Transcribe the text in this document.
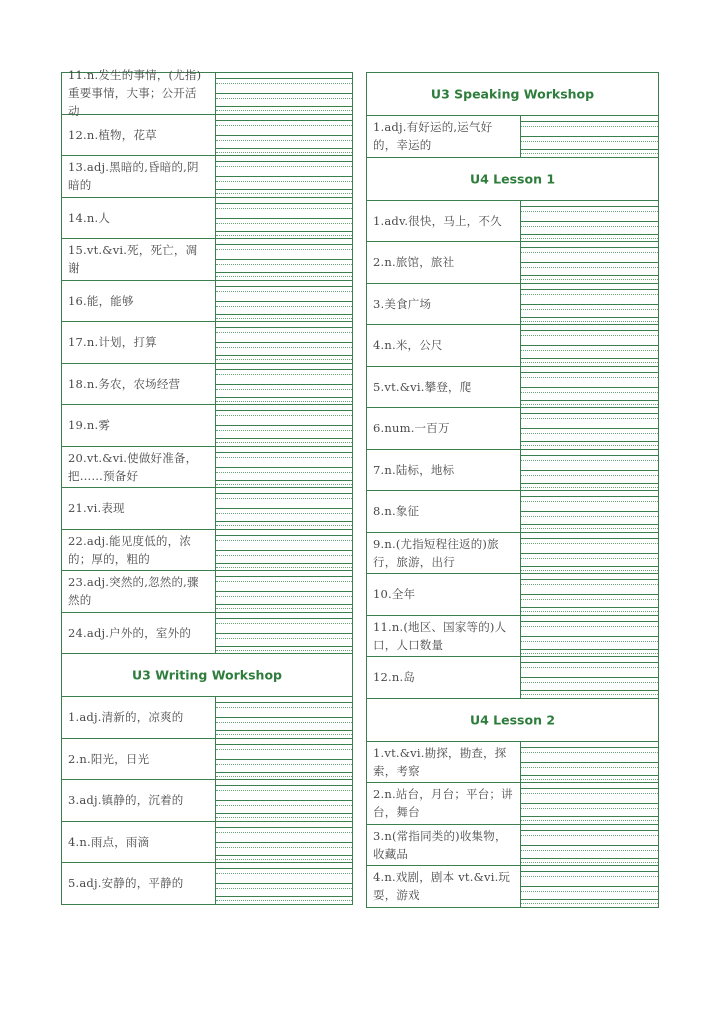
11.n.发生的事情，(尤指)重要事情，大事；公开活动
12.n.植物，花草
13.adj.黑暗的,昏暗的,阴暗的
14.n.人
15.vt.&vi.死，死亡，凋谢
16.能，能够
17.n.计划，打算
18.n.务农，农场经营
19.n.雾
20.vt.&vi.使做好准备，把……预备好
21.vi.表现
22.adj.能见度低的，浓的；厚的，粗的
23.adj.突然的,忽然的,骤然的
24.adj.户外的，室外的
U3 Writing Workshop
1.adj.清新的，凉爽的
2.n.阳光，日光
3.adj.镇静的，沉着的
4.n.雨点，雨滴
5.adj.安静的，平静的
U3 Speaking Workshop
1.adj.有好运的,运气好的，幸运的
U4 Lesson 1
1.adv.很快，马上，不久
2.n.旅馆，旅社
3.美食广场
4.n.米，公尺
5.vt.&vi.攀登，爬
6.num.一百万
7.n.陆标，地标
8.n.象征
9.n.(尤指短程往返的)旅行，旅游，出行
10.全年
11.n.(地区、国家等的)人口，人口数量
12.n.岛
U4 Lesson 2
1.vt.&vi.勘探，勘查，探索，考察
2.n.站台，月台；平台；讲台，舞台
3.n(常指同类的)收集物，收藏品
4.n.戏剧，剧本 vt.&vi.玩耍，游戏
